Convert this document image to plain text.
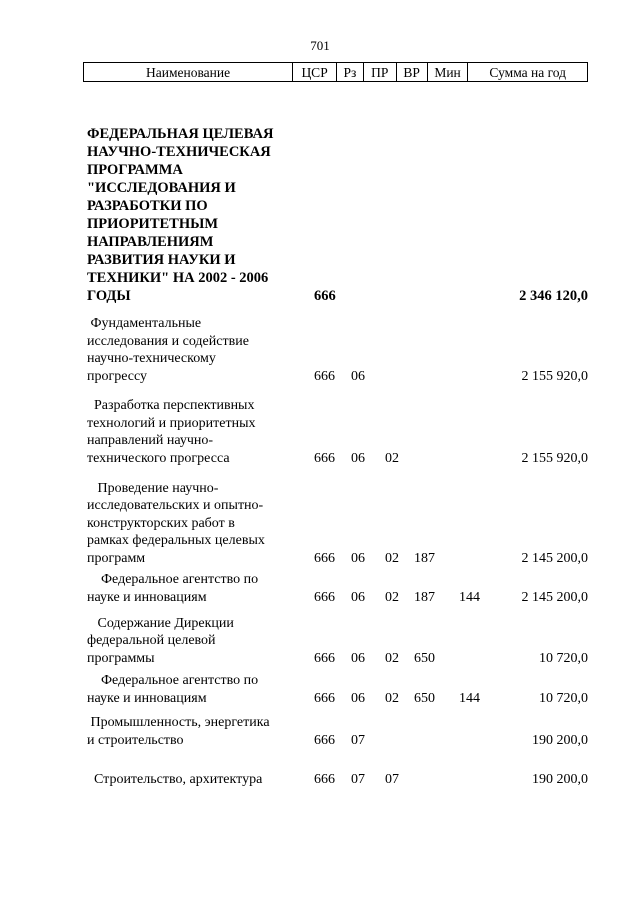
701
Наименование	ЦСР	Рз	ПР	ВР	Мин	Сумма на год
ФЕДЕРАЛЬНАЯ ЦЕЛЕВАЯ
НАУЧНО-ТЕХНИЧЕСКАЯ
ПРОГРАММА
"ИССЛЕДОВАНИЯ И
РАЗРАБОТКИ ПО
ПРИОРИТЕТНЫМ
НАПРАВЛЕНИЯМ
РАЗВИТИЯ НАУКИ И
ТЕХНИКИ" НА 2002 - 2006
ГОДЫ	666	2 346 120,0
Фундаментальные
исследования и содействие
научно-техническому
прогрессу	666 06	2 155 920,0
Разработка перспективных
технологий и приоритетных
направлений научно-
технического прогресса	666 06 02	2 155 920,0
Проведение научно-
исследовательских и опытно-
конструкторских работ в
рамках федеральных целевых
программ	666 06 02 187	2 145 200,0
Федеральное агентство по
науке и инновациям	666 06 02 187 144	2 145 200,0
Содержание Дирекции
федеральной целевой
программы	666 06 02 650	10 720,0
Федеральное агентство по
науке и инновациям	666 06 02 650 144	10 720,0
Промышленность, энергетика
и строительство	666 07	190 200,0
Строительство, архитектура	666 07 07	190 200,0
